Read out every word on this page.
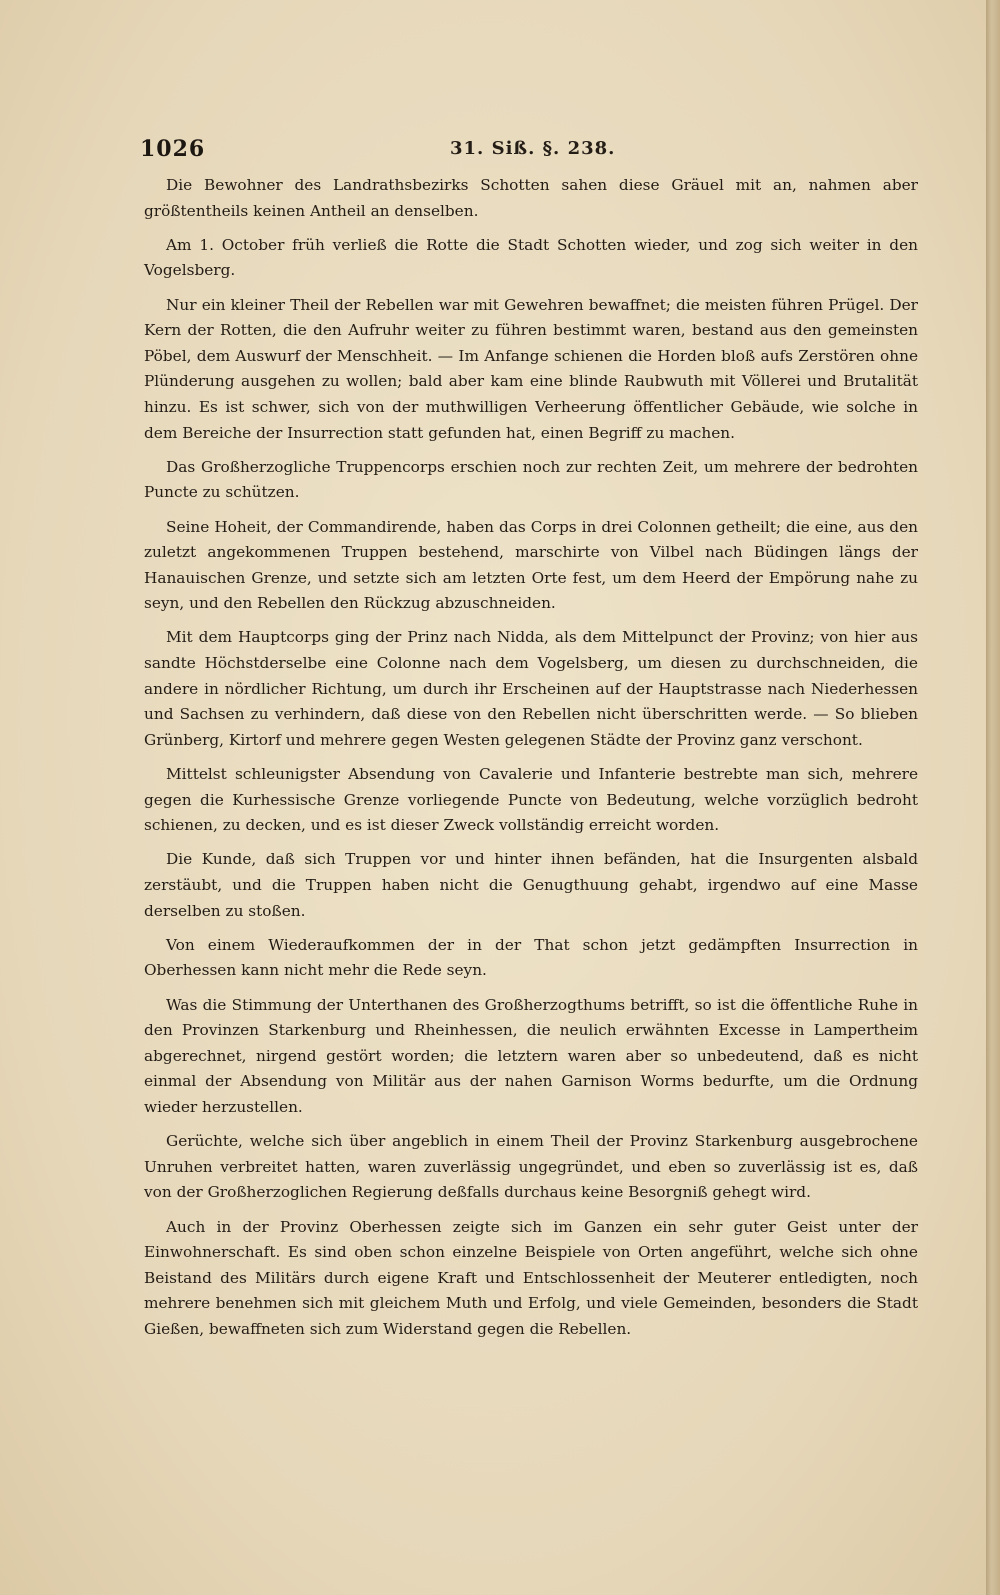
1026	31. Siß. §. 238.

Die Bewohner des Landrathsbezirks Schotten sahen diese Gräuel mit an, nahmen aber größtentheils keinen Antheil an denselben.

Am 1. October früh verließ die Rotte die Stadt Schotten wieder, und zog sich weiter in den Vogelsberg.

Nur ein kleiner Theil der Rebellen war mit Gewehren bewaffnet; die meisten führen Prügel. Der Kern der Rotten, die den Aufruhr weiter zu führen bestimmt waren, bestand aus den gemeinsten Pöbel, dem Auswurf der Menschheit. — Im Anfange schienen die Horden bloß aufs Zerstören ohne Plünderung ausgehen zu wollen; bald aber kam eine blinde Raubwuth mit Völlerei und Brutalität hinzu. Es ist schwer, sich von der muthwilligen Verheerung öffentlicher Gebäude, wie solche in dem Bereiche der Insurrection statt gefunden hat, einen Begriff zu machen.

Das Großherzogliche Truppencorps erschien noch zur rechten Zeit, um mehrere der bedrohten Puncte zu schützen.

Seine Hoheit, der Commandirende, haben das Corps in drei Colonnen getheilt; die eine, aus den zuletzt angekommenen Truppen bestehend, marschirte von Vilbel nach Büdingen längs der Hanauischen Grenze, und setzte sich am letzten Orte fest, um dem Heerd der Empörung nahe zu seyn, und den Rebellen den Rückzug abzuschneiden.

Mit dem Hauptcorps ging der Prinz nach Nidda, als dem Mittelpunct der Provinz; von hier aus sandte Höchstderselbe eine Colonne nach dem Vogelsberg, um diesen zu durchschneiden, die andere in nördlicher Richtung, um durch ihr Erscheinen auf der Hauptstrasse nach Niederhessen und Sachsen zu verhindern, daß diese von den Rebellen nicht überschritten werde. — So blieben Grünberg, Kirtorf und mehrere gegen Westen gelegenen Städte der Provinz ganz verschont.

Mittelst schleunigster Absendung von Cavalerie und Infanterie bestrebte man sich, mehrere gegen die Kurhessische Grenze vorliegende Puncte von Bedeutung, welche vorzüglich bedroht schienen, zu decken, und es ist dieser Zweck vollständig erreicht worden.

Die Kunde, daß sich Truppen vor und hinter ihnen befänden, hat die Insurgenten alsbald zerstäubt, und die Truppen haben nicht die Genugthuung gehabt, irgendwo auf eine Masse derselben zu stoßen.

Von einem Wiederaufkommen der in der That schon jetzt gedämpften Insurrection in Oberhessen kann nicht mehr die Rede seyn.

Was die Stimmung der Unterthanen des Großherzogthums betrifft, so ist die öffentliche Ruhe in den Provinzen Starkenburg und Rheinhessen, die neulich erwähnten Excesse in Lampertheim abgerechnet, nirgend gestört worden; die letztern waren aber so unbedeutend, daß es nicht einmal der Absendung von Militär aus der nahen Garnison Worms bedurfte, um die Ordnung wieder herzustellen.

Gerüchte, welche sich über angeblich in einem Theil der Provinz Starkenburg ausgebrochene Unruhen verbreitet hatten, waren zuverlässig ungegründet, und eben so zuverlässig ist es, daß von der Großherzoglichen Regierung deßfalls durchaus keine Besorgniß gehegt wird.

Auch in der Provinz Oberhessen zeigte sich im Ganzen ein sehr guter Geist unter der Einwohnerschaft. Es sind oben schon einzelne Beispiele von Orten angeführt, welche sich ohne Beistand des Militärs durch eigene Kraft und Entschlossenheit der Meuterer entledigten, noch mehrere benehmen sich mit gleichem Muth und Erfolg, und viele Gemeinden, besonders die Stadt Gießen, bewaffneten sich zum Widerstand gegen die Rebellen.
